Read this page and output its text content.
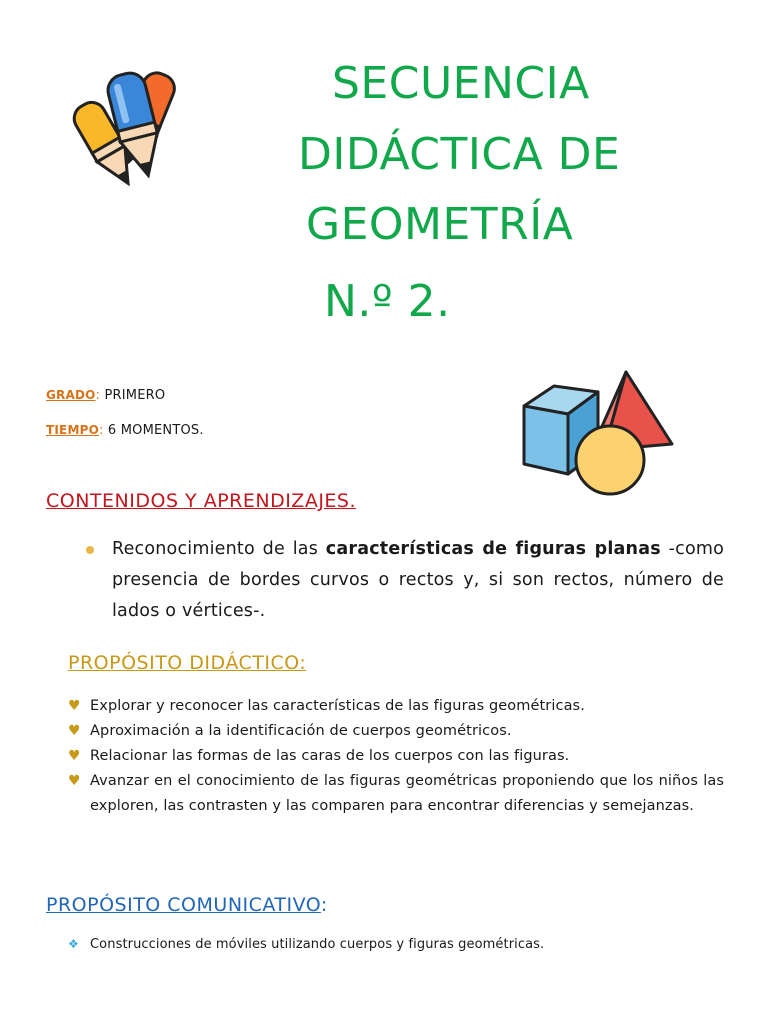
SECUENCIA
DIDÁCTICA DE
GEOMETRÍA
N.º 2.
GRADO: PRIMERO
TIEMPO: 6 MOMENTOS.
CONTENIDOS Y APRENDIZAJES.
Reconocimiento de las características de figuras planas -como presencia de bordes curvos o rectos y, si son rectos, número de lados o vértices-.
PROPÓSITO DIDÁCTICO:
♥ Explorar y reconocer las características de las figuras geométricas.
♥ Aproximación a la identificación de cuerpos geométricos.
♥ Relacionar las formas de las caras de los cuerpos con las figuras.
♥ Avanzar en el conocimiento de las figuras geométricas proponiendo que los niños las exploren, las contrasten y las comparen para encontrar diferencias y semejanzas.
PROPÓSITO COMUNICATIVO:
❖ Construcciones de móviles utilizando cuerpos y figuras geométricas.
